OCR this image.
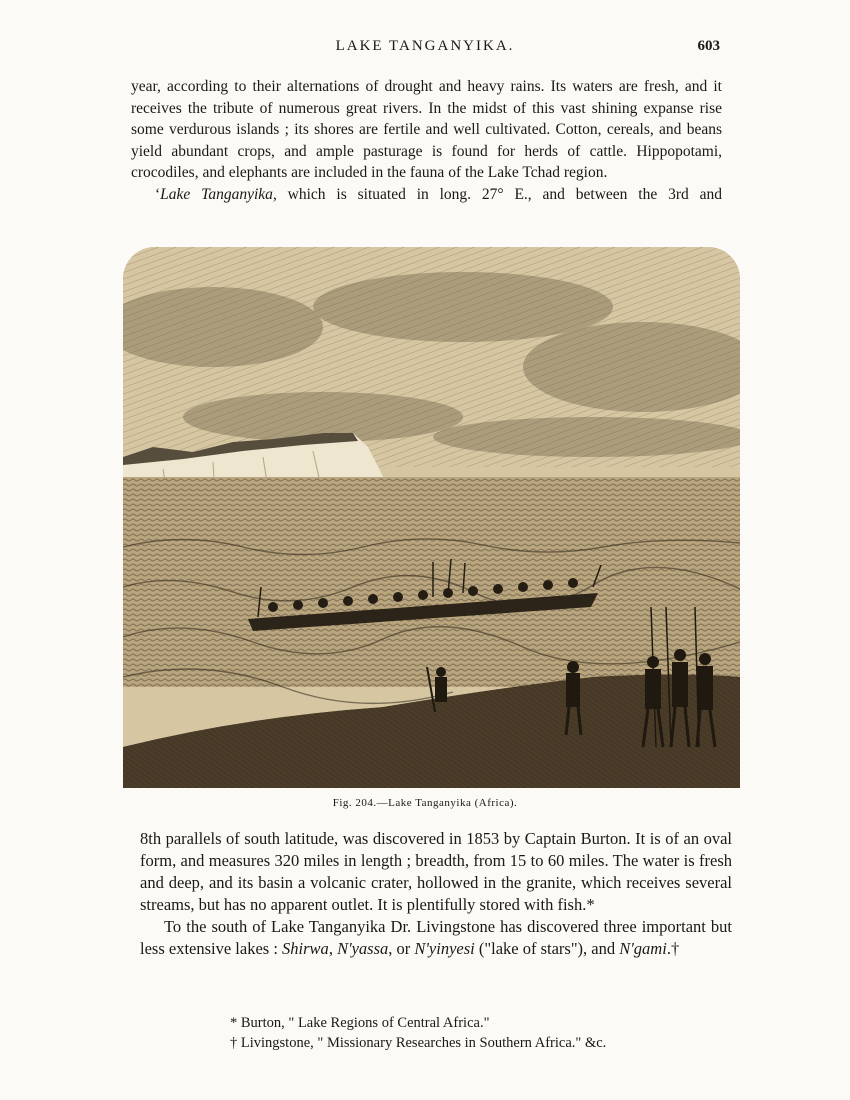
LAKE TANGANYIKA.	603

year, according to their alternations of drought and heavy rains. Its waters are fresh, and it receives the tribute of numerous great rivers. In the midst of this vast shining expanse rise some verdurous islands ; its shores are fertile and well cultivated. Cotton, cereals, and beans yield abundant crops, and ample pasturage is found for herds of cattle. Hippopotami, crocodiles, and elephants are included in the fauna of the Lake Tchad region.

‘Lake Tanganyika, which is situated in long. 27° E., and between the 3rd and

Fig. 204.—Lake Tanganyika (Africa).

8th parallels of south latitude, was discovered in 1853 by Captain Burton. It is of an oval form, and measures 320 miles in length ; breadth, from 15 to 60 miles. The water is fresh and deep, and its basin a volcanic crater, hollowed in the granite, which receives several streams, but has no apparent outlet. It is plentifully stored with fish.*

To the south of Lake Tanganyika Dr. Livingstone has discovered three important but less extensive lakes : Shirwa, N'yassa, or N'yinyesi ("lake of stars"), and N'gami.†

* Burton, " Lake Regions of Central Africa."
† Livingstone, " Missionary Researches in Southern Africa." &c.
